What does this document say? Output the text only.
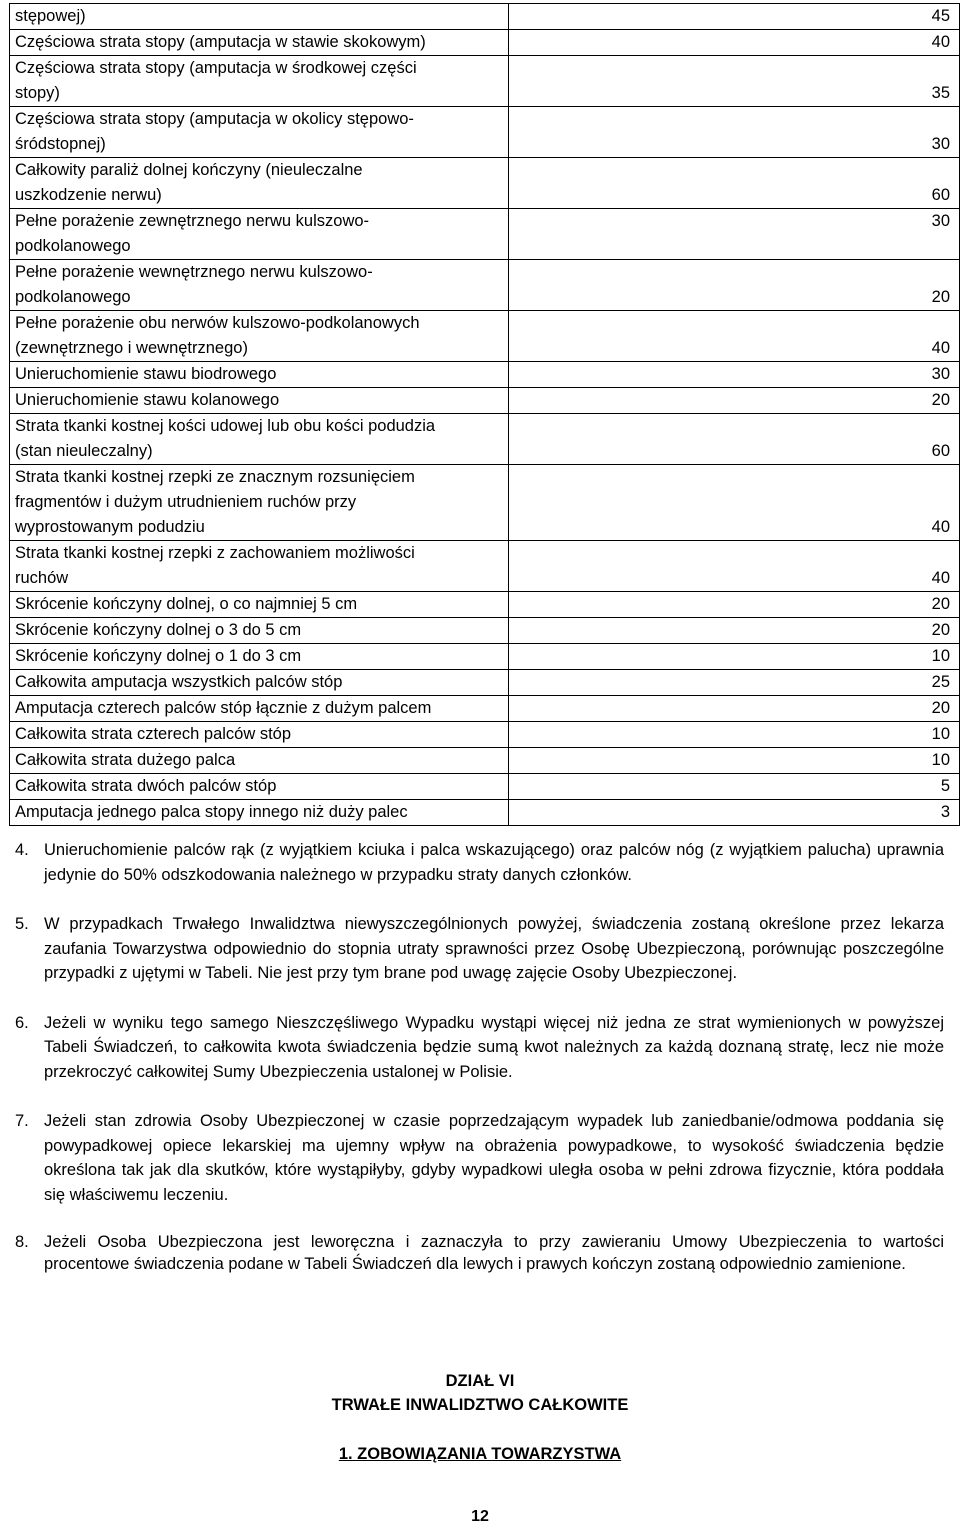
stępowej)	45
Częściowa strata stopy (amputacja w stawie skokowym)	40
Częściowa strata stopy (amputacja w środkowej części
stopy)	35
Częściowa strata stopy (amputacja w okolicy stępowo-
śródstopnej)	30
Całkowity paraliż dolnej kończyny (nieuleczalne
uszkodzenie nerwu)	60
Pełne porażenie zewnętrznego nerwu kulszowo-
podkolanowego	30
Pełne porażenie wewnętrznego nerwu kulszowo-
podkolanowego	20
Pełne porażenie obu nerwów kulszowo-podkolanowych
(zewnętrznego i wewnętrznego)	40
Unieruchomienie stawu biodrowego	30
Unieruchomienie stawu kolanowego	20
Strata tkanki kostnej kości udowej lub obu kości podudzia
(stan nieuleczalny)	60
Strata tkanki kostnej rzepki ze znacznym rozsunięciem
fragmentów i dużym utrudnieniem ruchów przy
wyprostowanym podudziu	40
Strata tkanki kostnej rzepki z zachowaniem możliwości
ruchów	40
Skrócenie kończyny dolnej, o co najmniej 5 cm	20
Skrócenie kończyny dolnej o 3 do 5 cm	20
Skrócenie kończyny dolnej o 1 do 3 cm	10
Całkowita amputacja wszystkich palców stóp	25
Amputacja czterech palców stóp łącznie z dużym palcem	20
Całkowita strata czterech palców stóp	10
Całkowita strata dużego palca	10
Całkowita strata dwóch palców stóp	5
Amputacja jednego palca stopy innego niż duży palec	3
4. Unieruchomienie palców rąk (z wyjątkiem kciuka i palca wskazującego) oraz palców nóg (z wyjątkiem palucha) uprawnia jedynie do 50% odszkodowania należnego w przypadku straty danych członków.
5. W przypadkach Trwałego Inwalidztwa niewyszczególnionych powyżej, świadczenia zostaną określone przez lekarza zaufania Towarzystwa odpowiednio do stopnia utraty sprawności przez Osobę Ubezpieczoną, porównując poszczególne przypadki z ujętymi w Tabeli. Nie jest przy tym brane pod uwagę zajęcie Osoby Ubezpieczonej.
6. Jeżeli w wyniku tego samego Nieszczęśliwego Wypadku wystąpi więcej niż jedna ze strat wymienionych w powyższej Tabeli Świadczeń, to całkowita kwota świadczenia będzie sumą kwot należnych za każdą doznaną stratę, lecz nie może przekroczyć całkowitej Sumy Ubezpieczenia ustalonej w Polisie.
7. Jeżeli stan zdrowia Osoby Ubezpieczonej w czasie poprzedzającym wypadek lub zaniedbanie/odmowa poddania się powypadkowej opiece lekarskiej ma ujemny wpływ na obrażenia powypadkowe, to wysokość świadczenia będzie określona tak jak dla skutków, które wystąpiłyby, gdyby wypadkowi uległa osoba w pełni zdrowa fizycznie, która poddała się właściwemu leczeniu.
8. Jeżeli Osoba Ubezpieczona jest leworęczna i zaznaczyła to przy zawieraniu Umowy Ubezpieczenia to wartości procentowe świadczenia podane w Tabeli Świadczeń dla lewych i prawych kończyn zostaną odpowiednio zamienione.
DZIAŁ VI
TRWAŁE INWALIDZTWO CAŁKOWITE
1. ZOBOWIĄZANIA TOWARZYSTWA
12
